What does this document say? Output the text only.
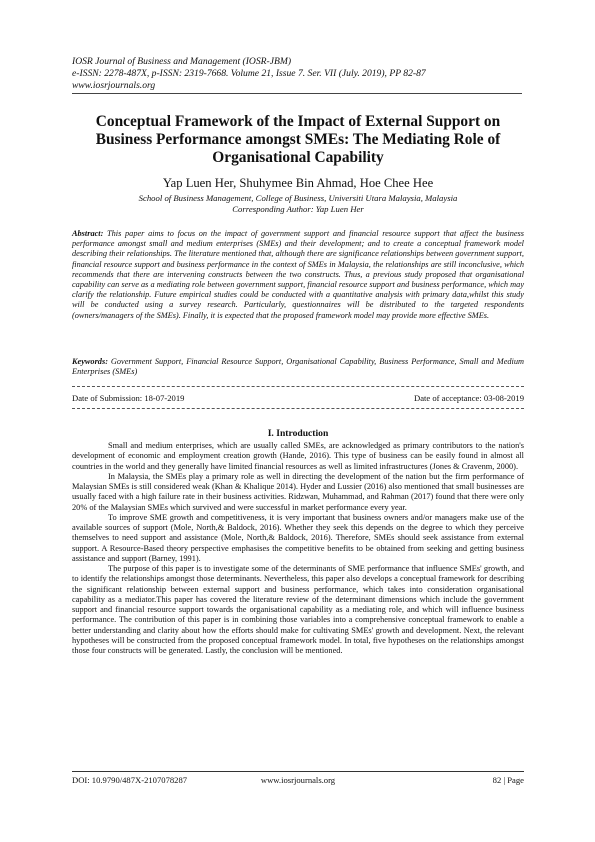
IOSR Journal of Business and Management (IOSR-JBM)
e-ISSN: 2278-487X, p-ISSN: 2319-7668. Volume 21, Issue 7. Ser. VII (July. 2019), PP 82-87
www.iosrjournals.org
Conceptual Framework of the Impact of External Support on Business Performance amongst SMEs: The Mediating Role of Organisational Capability
Yap Luen Her, Shuhymee Bin Ahmad, Hoe Chee Hee
School of Business Management, College of Business, Universiti Utara Malaysia, Malaysia
Corresponding Author: Yap Luen Her
Abstract: This paper aims to focus on the impact of government support and financial resource support that affect the business performance amongst small and medium enterprises (SMEs) and their development; and to create a conceptual framework model describing their relationships. The literature mentioned that, although there are significance relationships between government support, financial resource support and business performance in the context of SMEs in Malaysia, the relationships are still inconclusive, which recommends that there are intervening constructs between the two constructs. Thus, a previous study proposed that organisational capability can serve as a mediating role between government support, financial resource support and business performance, which may clarify the relationship. Future empirical studies could be conducted with a quantitative analysis with primary data,whilst this study will be conducted using a survey research. Particularly, questionnaires will be distributed to the targeted respondents (owners/managers of the SMEs). Finally, it is expected that the proposed framework model may provide more effective SMEs.
Keywords: Government Support, Financial Resource Support, Organisational Capability, Business Performance, Small and Medium Enterprises (SMEs)
Date of Submission: 18-07-2019	Date of acceptance: 03-08-2019
I. Introduction

Small and medium enterprises, which are usually called SMEs, are acknowledged as primary contributors to the nation's development of economic and employment creation growth (Hande, 2016). This type of business can be easily found in almost all countries in the world and they generally have limited financial resources as well as limited infrastructures (Jones & Cravenm, 2000).

In Malaysia, the SMEs play a primary role as well in directing the development of the nation but the firm performance of Malaysian SMEs is still considered weak (Khan & Khalique 2014). Hyder and Lussier (2016) also mentioned that small businesses are usually faced with a high failure rate in their business activities. Ridzwan, Muhammad, and Rahman (2017) found that there were only 20% of the Malaysian SMEs which survived and were successful in market performance every year.

To improve SME growth and competitiveness, it is very important that business owners and/or managers make use of the available sources of support (Mole, North,& Baldock, 2016). Whether they seek this depends on the degree to which they perceive themselves to need support and assistance (Mole, North,& Baldock, 2016). Therefore, SMEs should seek assistance from external support. A Resource-Based theory perspective emphasises the competitive benefits to be obtained from seeking and getting business assistance and support (Barney, 1991).

The purpose of this paper is to investigate some of the determinants of SME performance that influence SMEs' growth, and to identify the relationships amongst those determinants. Nevertheless, this paper also develops a conceptual framework for describing the significant relationship between external support and business performance, which takes into consideration organisational capability as a mediator.This paper has covered the literature review of the determinant dimensions which include the government support and financial resource support towards the organisational capability as a mediating role, and which will influence business performance. The contribution of this paper is in combining those variables into a comprehensive conceptual framework to enable a better understanding and clarity about how the efforts should make for cultivating SMEs' growth and development. Next, the relevant hypotheses will be constructed from the proposed conceptual framework model. In total, five hypotheses on the relationships amongst those four constructs will be generated. Lastly, the conclusion will be mentioned.

DOI: 10.9790/487X-2107078287	www.iosrjournals.org	82 | Page
